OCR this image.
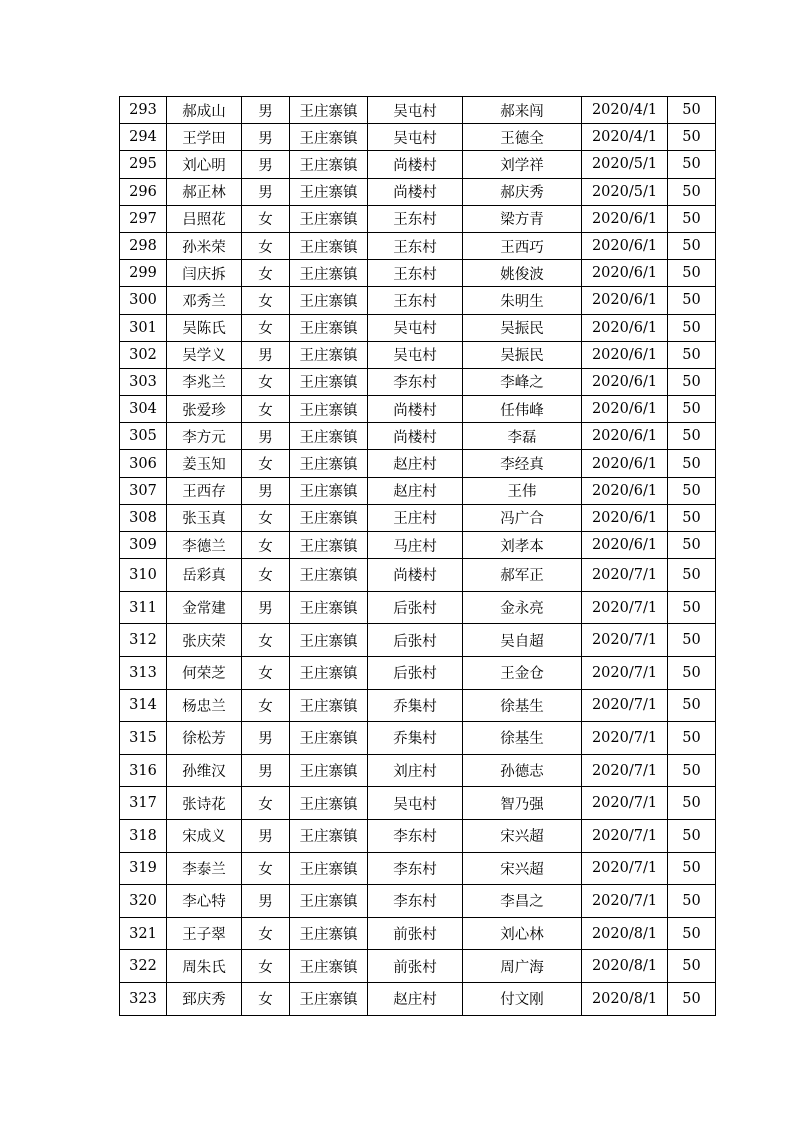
293	郝成山	男	王庄寨镇	吴屯村	郝来闯	2020/4/1	50
294	王学田	男	王庄寨镇	吴屯村	王德全	2020/4/1	50
295	刘心明	男	王庄寨镇	尚楼村	刘学祥	2020/5/1	50
296	郝正林	男	王庄寨镇	尚楼村	郝庆秀	2020/5/1	50
297	吕照花	女	王庄寨镇	王东村	梁方青	2020/6/1	50
298	孙米荣	女	王庄寨镇	王东村	王西巧	2020/6/1	50
299	闫庆拆	女	王庄寨镇	王东村	姚俊波	2020/6/1	50
300	邓秀兰	女	王庄寨镇	王东村	朱明生	2020/6/1	50
301	吴陈氏	女	王庄寨镇	吴屯村	吴振民	2020/6/1	50
302	吴学义	男	王庄寨镇	吴屯村	吴振民	2020/6/1	50
303	李兆兰	女	王庄寨镇	李东村	李峰之	2020/6/1	50
304	张爱珍	女	王庄寨镇	尚楼村	任伟峰	2020/6/1	50
305	李方元	男	王庄寨镇	尚楼村	李磊	2020/6/1	50
306	姜玉知	女	王庄寨镇	赵庄村	李经真	2020/6/1	50
307	王西存	男	王庄寨镇	赵庄村	王伟	2020/6/1	50
308	张玉真	女	王庄寨镇	王庄村	冯广合	2020/6/1	50
309	李德兰	女	王庄寨镇	马庄村	刘孝本	2020/6/1	50
310	岳彩真	女	王庄寨镇	尚楼村	郝军正	2020/7/1	50
311	金常建	男	王庄寨镇	后张村	金永亮	2020/7/1	50
312	张庆荣	女	王庄寨镇	后张村	吴自超	2020/7/1	50
313	何荣芝	女	王庄寨镇	后张村	王金仓	2020/7/1	50
314	杨忠兰	女	王庄寨镇	乔集村	徐基生	2020/7/1	50
315	徐松芳	男	王庄寨镇	乔集村	徐基生	2020/7/1	50
316	孙维汉	男	王庄寨镇	刘庄村	孙德志	2020/7/1	50
317	张诗花	女	王庄寨镇	吴屯村	智乃强	2020/7/1	50
318	宋成义	男	王庄寨镇	李东村	宋兴超	2020/7/1	50
319	李泰兰	女	王庄寨镇	李东村	宋兴超	2020/7/1	50
320	李心特	男	王庄寨镇	李东村	李昌之	2020/7/1	50
321	王子翠	女	王庄寨镇	前张村	刘心林	2020/8/1	50
322	周朱氏	女	王庄寨镇	前张村	周广海	2020/8/1	50
323	郅庆秀	女	王庄寨镇	赵庄村	付文刚	2020/8/1	50
